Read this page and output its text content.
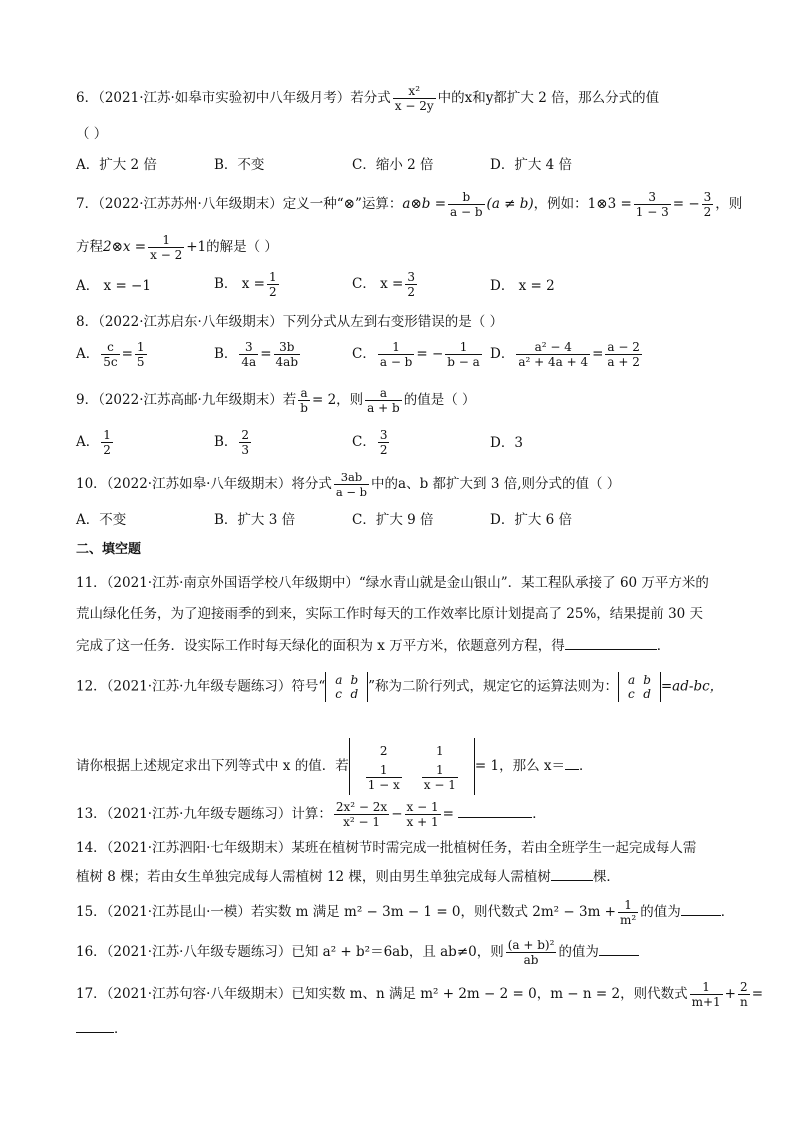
6．（2021·江苏·如皋市实验初中八年级月考）若分式 $\frac{\text{x²}}{x - 2y}$ 中的x和y都扩大 2 倍，那么分式的值
（ ）
A．扩大 2 倍	B．不变	C．缩小 2 倍	D．扩大 4 倍
7．（2022·江苏苏州·八年级期末）定义一种“⊗”运算：a⊗b = $\frac{b}{a - b} (a \ne b)$，例如：1⊗3 = $\frac{3}{1 - 3}$ = − $\frac{3}{2}$ ，则
方程2⊗x = $\frac{1}{x - 2} +1$的解是（ ）
A． x = −1	B． $x = \frac{1}{2}$	C． $x = \frac{3}{2}$	D． x = 2
8．（2022·江苏启东·八年级期末）下列分式从左到右变形错误的是（ ）
A． $\frac{c}{5c} = \frac{1}{5}$	B． $\frac{3}{4a} = \frac{3b}{4ab}$	C． $\frac{1}{a - b}$ = − $\frac{1}{b - a}$ D． $\frac{\text{a² − 4}}{\text{a² + 4a + 4}} = \frac{a - 2}{a + 2}$
9．（2022·江苏高邮·九年级期末）若 $\frac{a}{b} = 2$，则 $\frac{a}{a + b}$ 的值是（ ）
A． $\frac{1}{2}$	B． $\frac{2}{3}$	C． $\frac{3}{2}$	D．3
10．（2022·江苏如皋·八年级期末）将分式 $\frac{3ab}{a - b}$ 中的a、b 都扩大到 3 倍,则分式的值（ ）
A．不变	B．扩大 3 倍	C．扩大 9 倍	D．扩大 6 倍
二、填空题
11．（2021·江苏·南京外国语学校八年级期中）“绿水青山就是金山银山”．某工程队承接了 60 万平方米的
荒山绿化任务，为了迎接雨季的到来，实际工作时每天的工作效率比原计划提高了 25%，结果提前 30 天
完成了这一任务．设实际工作时每天绿化的面积为 x 万平方米，依题意列方程，得	．
12．（2021·江苏·九年级专题练习）符号“ a	b
c	d ”称为二阶行列式，规定它的运算法则为： a	b
c	d =ad-bc，
请你根据上述规定求出下列等式中 x 的值．若
2	1

$\frac{1}{1 - x}$	$\frac{1}{x - 1} = 1$，那么 x＝ ．
13．（2021·江苏·九年级专题练习）计算： $\frac{\text{2x² − 2x}}{\text{x² − 1}} - \frac{x - 1}{x + 1}$ =	．
14．（2021·江苏泗阳·七年级期末）某班在植树节时需完成一批植树任务，若由全班学生一起完成每人需
植树 8 棵；若由女生单独完成每人需植树 12 棵，则由男生单独完成每人需植树	棵．
15．（2021·江苏昆山·一模）若实数 m 满足 m² − 3m − 1 = 0，则代数式 $2m^2 - 3m + \frac{1}{\text{m²}}$ 的值为	．
16．（2021·江苏·八年级专题练习）已知 a² + b²＝6ab，且 ab≠0，则 $\frac{\text{(a + b)²}}{ab}$ 的值为
17．（2021·江苏句容·八年级期末）已知实数 m、n 满足 m² + 2m − 2 = 0，m − n = 2，则代数式 $\frac{1}{m+1} + \frac{2}{n}$ =
．
